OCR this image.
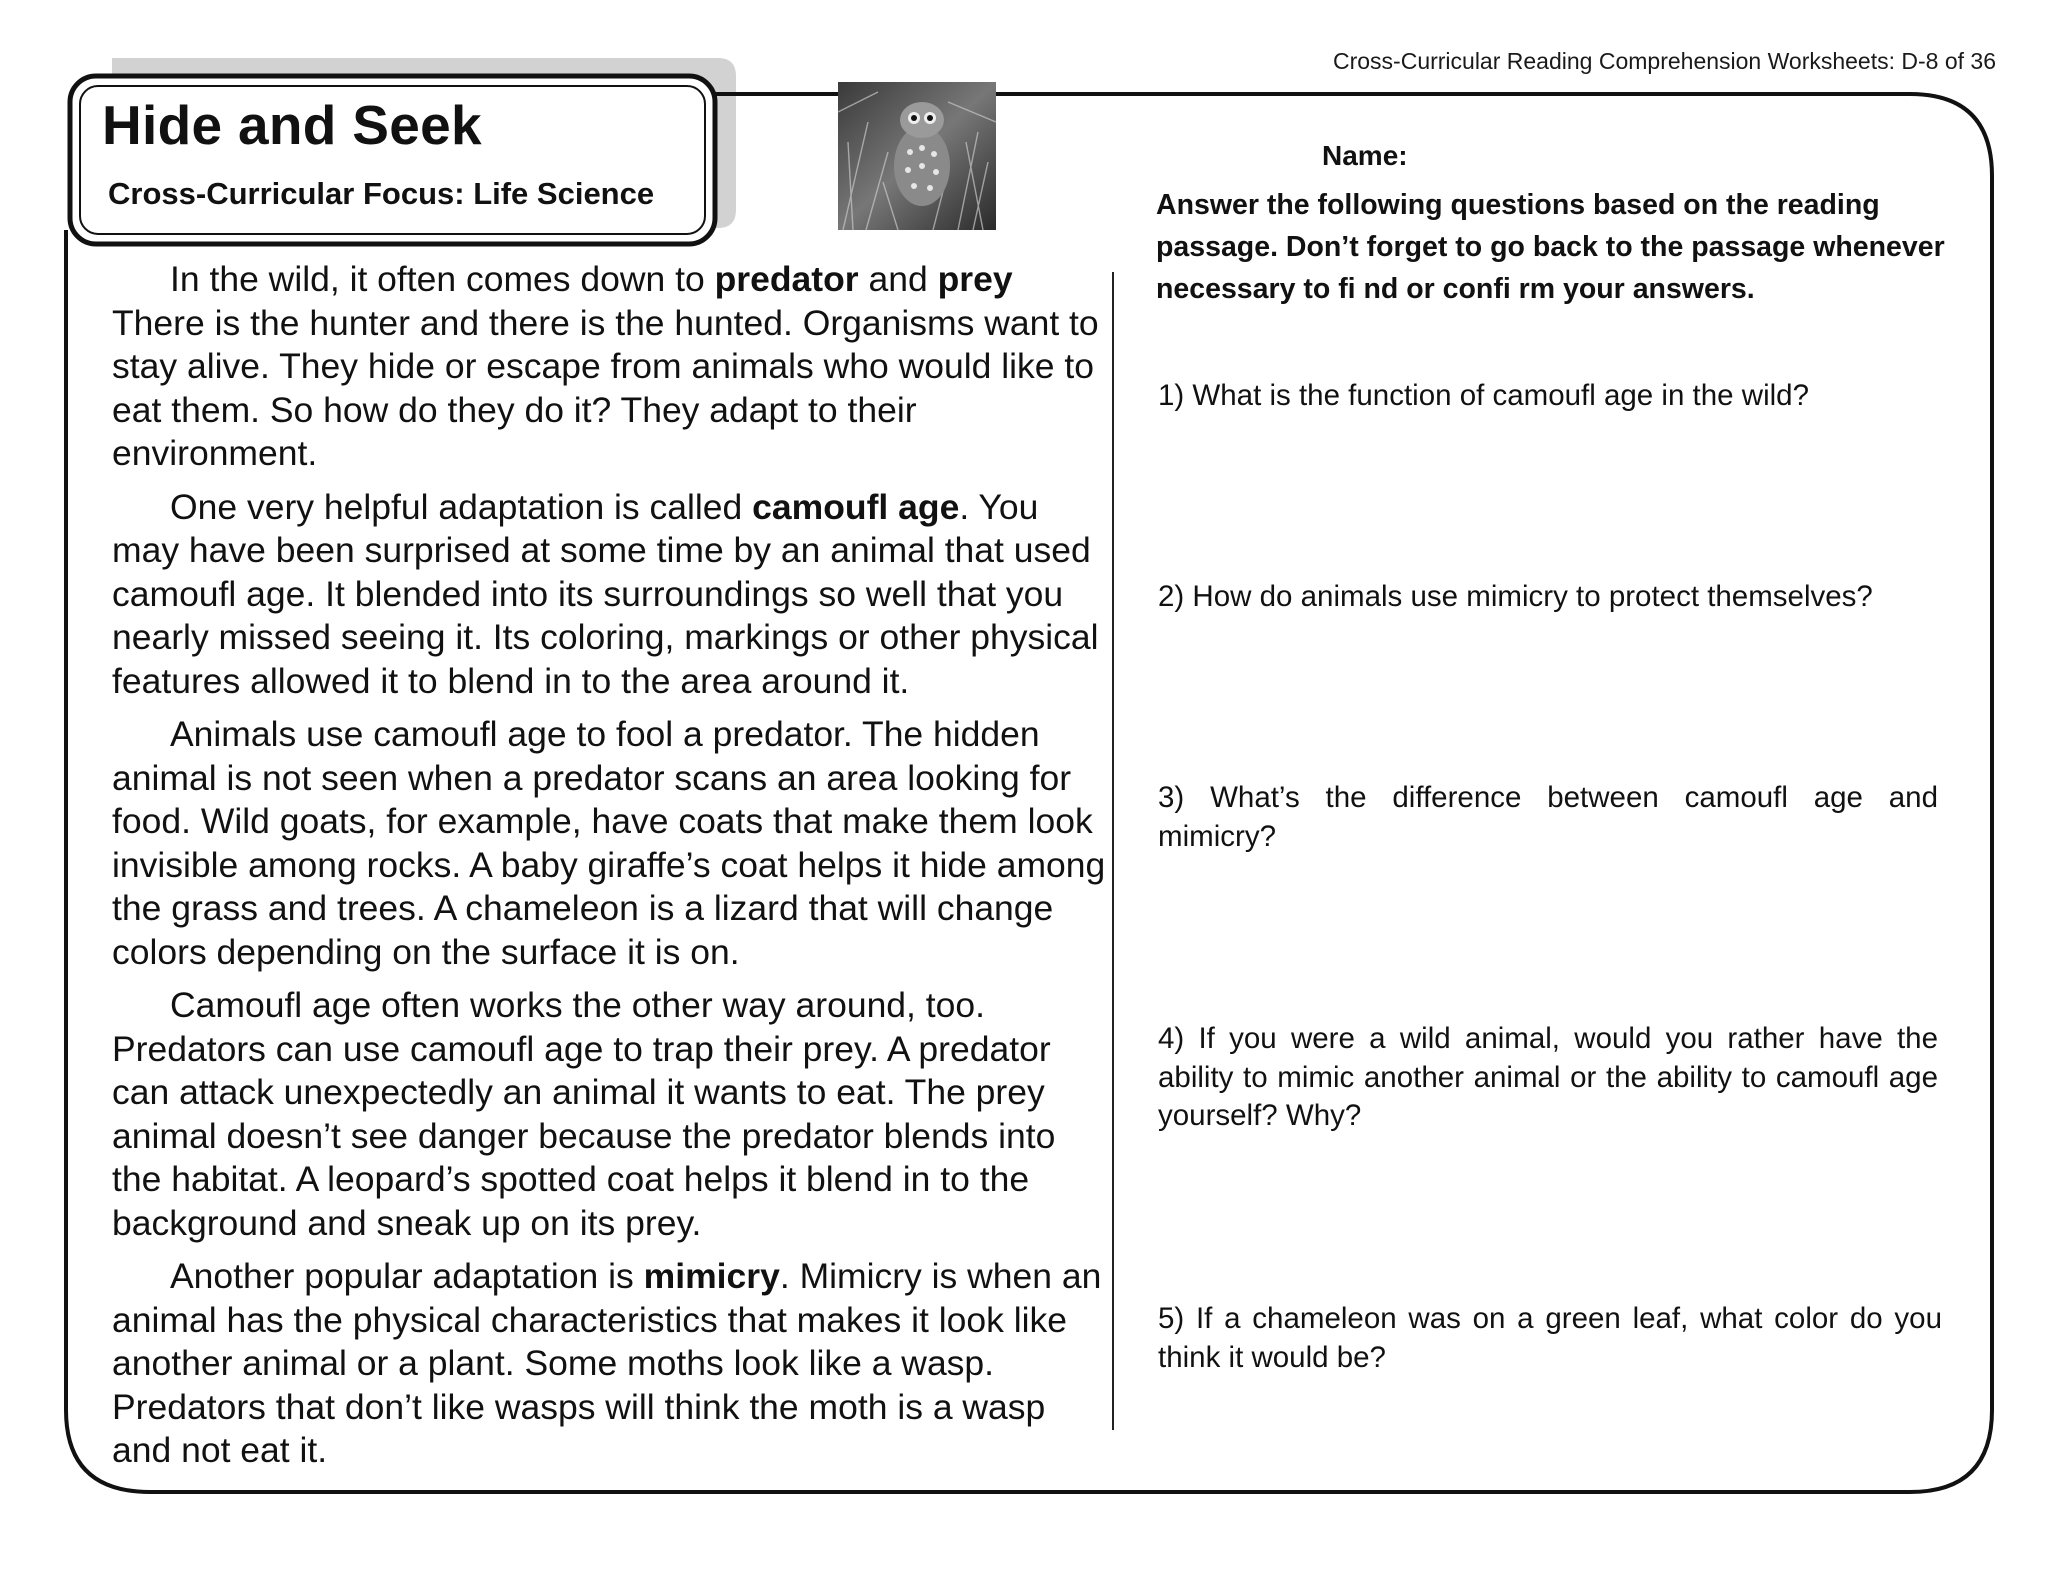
Cross-Curricular Reading Comprehension Worksheets: D-8 of 36
Hide and Seek
Cross-Curricular Focus: Life Science

In the wild, it often comes down to predator and prey There is the hunter and there is the hunted. Organisms want to stay alive. They hide or escape from animals who would like to eat them. So how do they do it? They adapt to their environment.

One very helpful adaptation is called camoufl age. You may have been surprised at some time by an animal that used camoufl age. It blended into its surroundings so well that you nearly missed seeing it. Its coloring, markings or other physical features allowed it to blend in to the area around it.

Animals use camoufl age to fool a predator. The hidden animal is not seen when a predator scans an area looking for food. Wild goats, for example, have coats that make them look invisible among rocks. A baby giraffe’s coat helps it hide among the grass and trees. A chameleon is a lizard that will change colors depending on the surface it is on.

Camoufl age often works the other way around, too. Predators can use camoufl age to trap their prey. A predator can attack unexpectedly an animal it wants to eat. The prey animal doesn’t see danger because the predator blends into the habitat. A leopard’s spotted coat helps it blend in to the background and sneak up on its prey.

Another popular adaptation is mimicry. Mimicry is when an animal has the physical characteristics that makes it look like another animal or a plant. Some moths look like a wasp. Predators that don’t like wasps will think the moth is a wasp and not eat it.

Name:
Answer the following questions based on the reading passage. Don’t forget to go back to the passage whenever necessary to fi nd or confi rm your answers.
1) What is the function of camoufl age in the wild?
2) How do animals use mimicry to protect themselves?
3) What’s the difference between camoufl age and mimicry?
4) If you were a wild animal, would you rather have the ability to mimic another animal or the ability to camoufl age yourself? Why?
5) If a chameleon was on a green leaf, what color do you think it would be?
